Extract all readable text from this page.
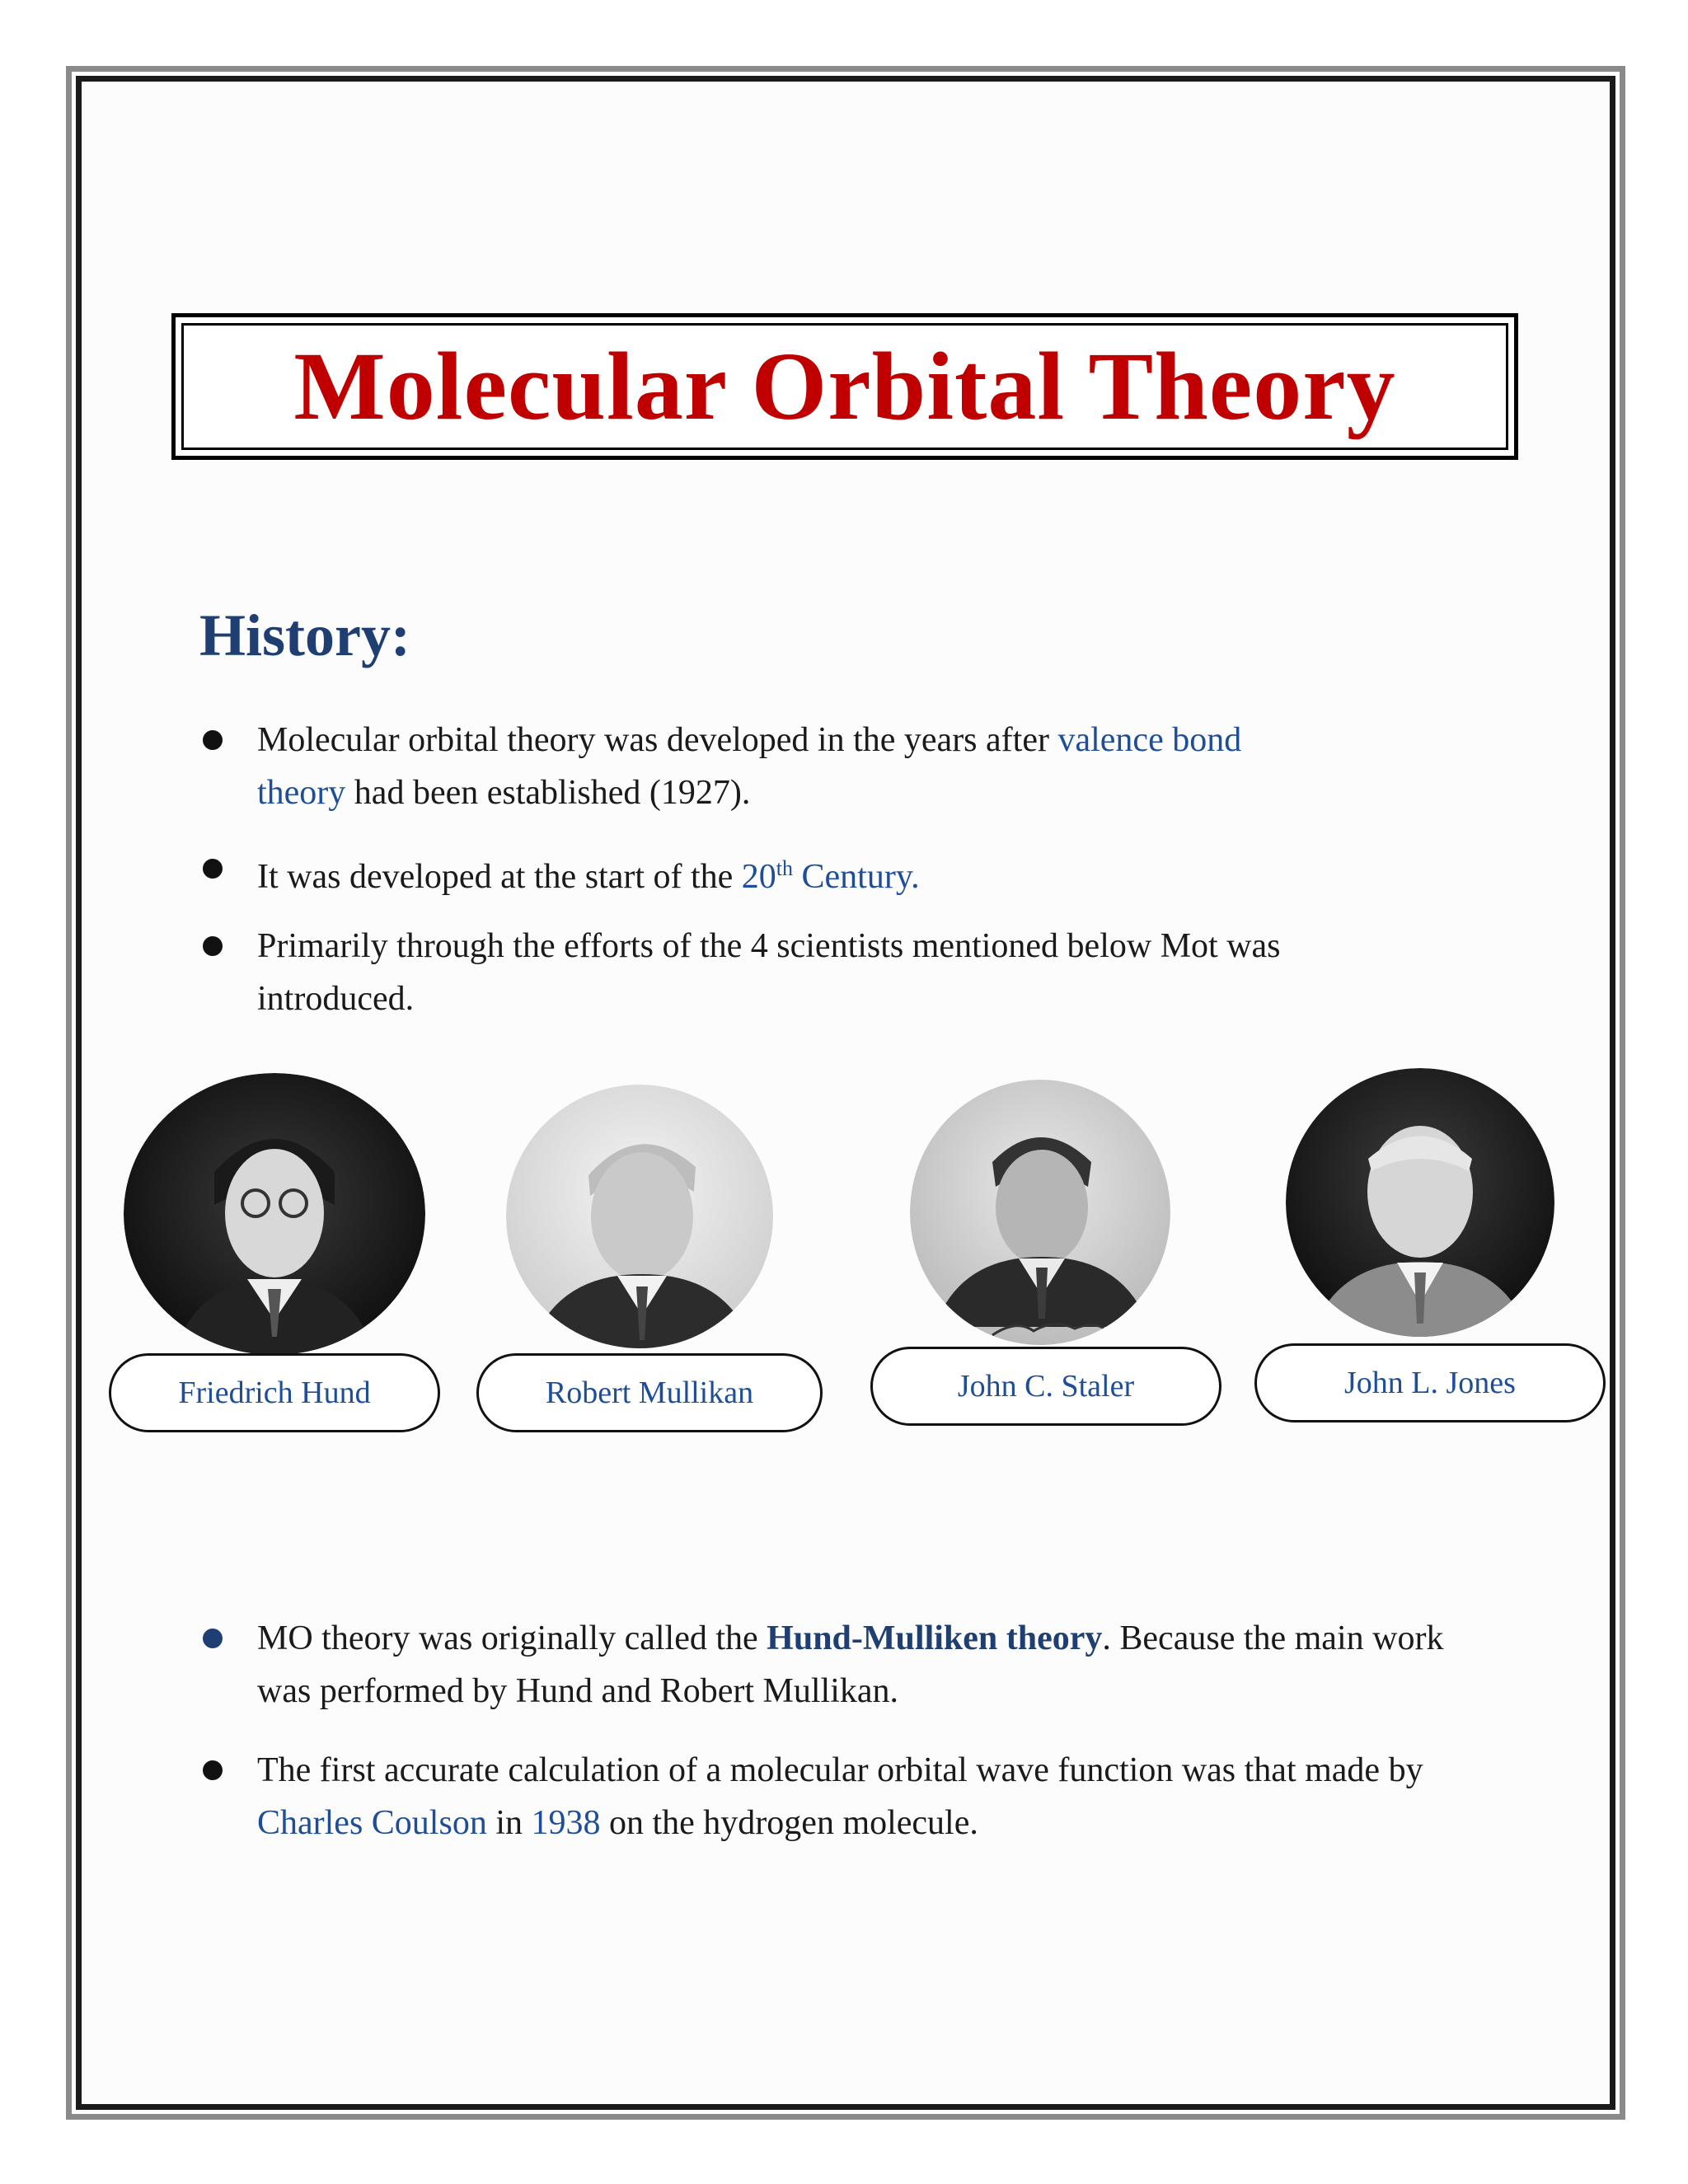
Molecular Orbital Theory
History:
Molecular orbital theory was developed in the years after valence bond
theory had been established (1927).
It was developed at the start of the 20th Century.
Primarily through the efforts of the 4 scientists mentioned below Mot was introduced.
Friedrich Hund	Robert Mullikan	John C. Staler	John L. Jones
MO theory was originally called the Hund-Mulliken theory. Because the main work was performed by Hund and Robert Mullikan.
The first accurate calculation of a molecular orbital wave function was that made by Charles Coulson in 1938 on the hydrogen molecule.
